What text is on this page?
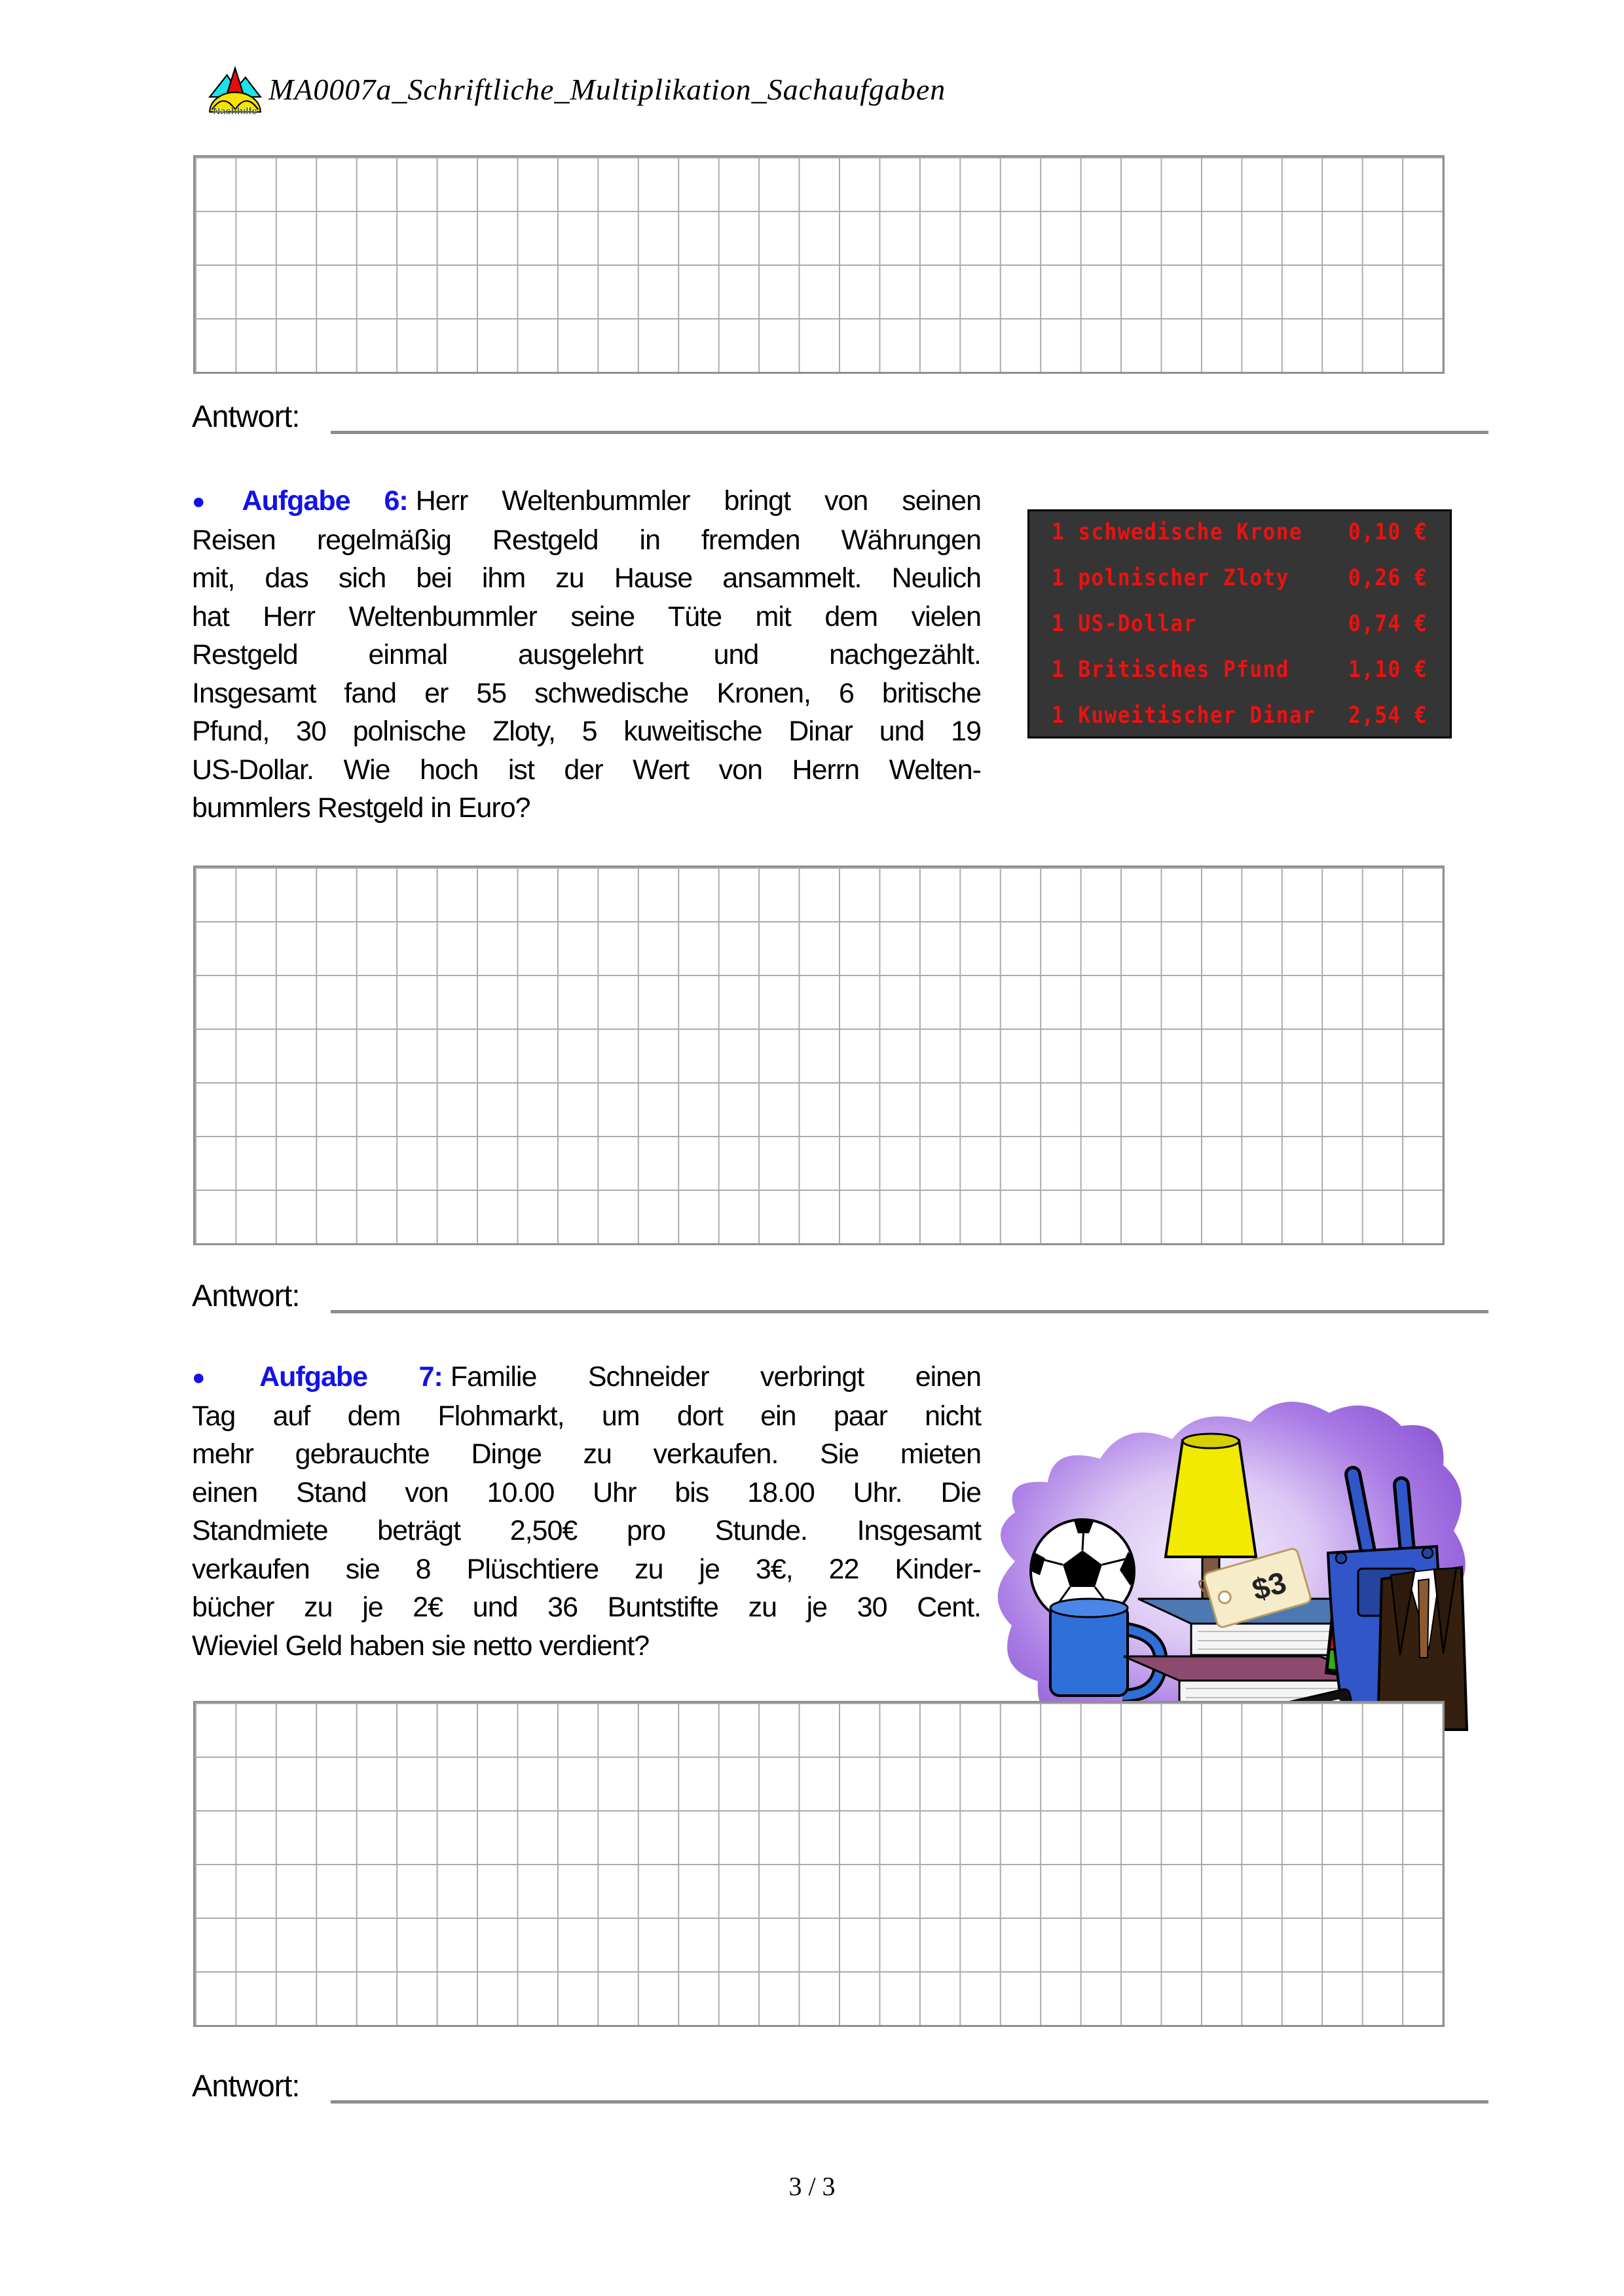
Nachhilfe
MA0007a_Schriftliche_Multiplikation_Sachaufgaben
Antwort:
● Aufgabe 6: Herr Weltenbummler bringt von seinen
Reisen regelmäßig Restgeld in fremden Währungen
mit, das sich bei ihm zu Hause ansammelt. Neulich
hat Herr Weltenbummler seine Tüte mit dem vielen
Restgeld einmal ausgelehrt und nachgezählt.
Insgesamt fand er 55 schwedische Kronen, 6 britische
Pfund, 30 polnische Zloty, 5 kuweitische Dinar und 19
US-Dollar. Wie hoch ist der Wert von Herrn Welten-
bummlers Restgeld in Euro?
1 schwedische Krone 0,10 €
1 polnischer Zloty	0,26 €
1 US-Dollar	0,74 €
1 Britisches Pfund	1,10 €
1 Kuweitischer Dinar 2,54 €
Antwort:
● Aufgabe 7: Familie Schneider verbringt einen
Tag auf dem Flohmarkt, um dort ein paar nicht
mehr gebrauchte Dinge zu verkaufen. Sie mieten
einen Stand von 10.00 Uhr bis 18.00 Uhr. Die
Standmiete beträgt 2,50€ pro Stunde. Insgesamt
verkaufen sie 8 Plüschtiere zu je 3€, 22 Kinder-
bücher zu je 2€ und 36 Buntstifte zu je 30 Cent.
Wieviel Geld haben sie netto verdient?
$3
Antwort:
3 / 3
